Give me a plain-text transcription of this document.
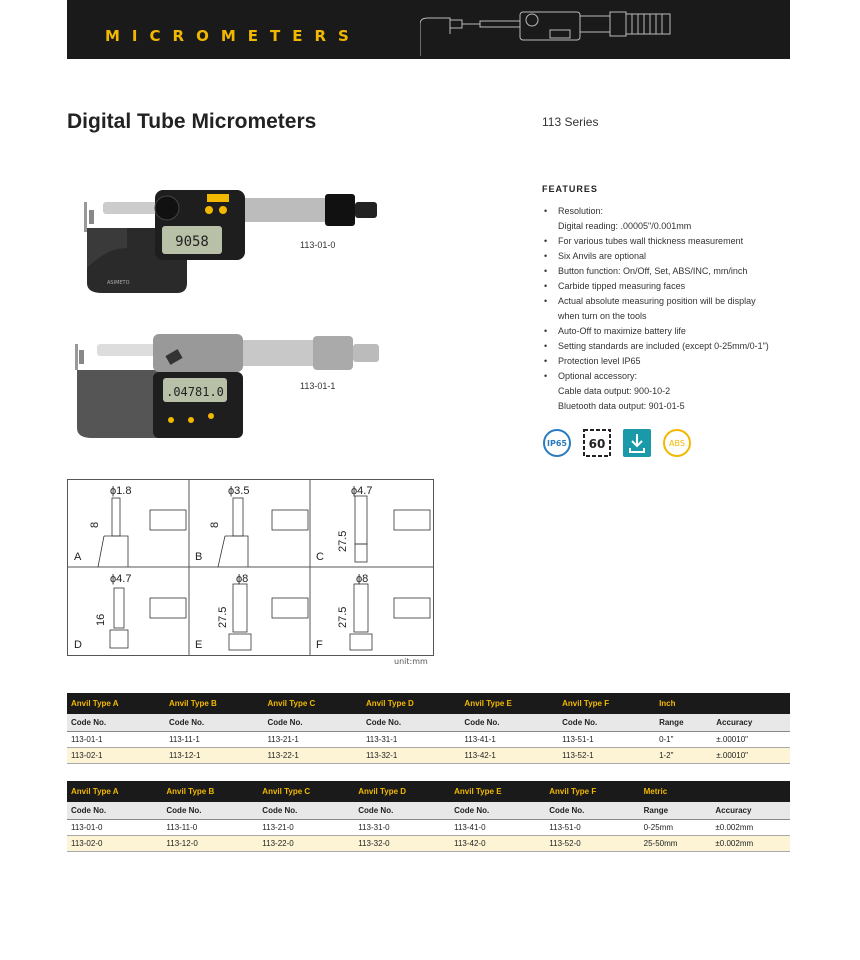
MICROMETERS
Digital Tube Micrometers	113 Series
9058
ASIMETO
113-01-0
.04781.0	113-01-1
FEATURES
• Resolution:
Digital reading: .00005"/0.001mm
• For various tubes wall thickness measurement
• Six Anvils are optional
• Button function: On/Off, Set, ABS/INC, mm/inch
• Carbide tipped measuring faces
• Actual absolute measuring position will be display
when turn on the tools
• Auto-Off to maximize battery life
• Setting standards are included (except 0-25mm/0-1")
• Protection level IP65
• Optional accessory:
Cable data output: 900-10-2
Bluetooth data output: 901-01-5
IP65 60	ABS
ϕ1.8
8
ϕ3.5
8
ϕ4.7
27.5
ϕ4.7
16
ϕ8
27.5
ϕ8
27.5
A	B	C
D	E	F
unit:mm
Anvil Type A	Anvil Type B	Anvil Type C	Anvil Type D	Anvil Type E	Anvil Type F	Inch	
Code No.	Code No.	Code No.	Code No.	Code No.	Code No.	Range	Accuracy
113-01-1	113-11-1	113-21-1	113-31-1	113-41-1	113-51-1	0-1"	±.00010"
113-02-1	113-12-1	113-22-1	113-32-1	113-42-1	113-52-1	1-2"	±.00010"
Anvil Type A	Anvil Type B	Anvil Type C	Anvil Type D	Anvil Type E	Anvil Type F	Metric	
Code No.	Code No.	Code No.	Code No.	Code No.	Code No.	Range	Accuracy
113-01-0	113-11-0	113-21-0	113-31-0	113-41-0	113-51-0	0-25mm	±0.002mm
113-02-0	113-12-0	113-22-0	113-32-0	113-42-0	113-52-0	25-50mm	±0.002mm
